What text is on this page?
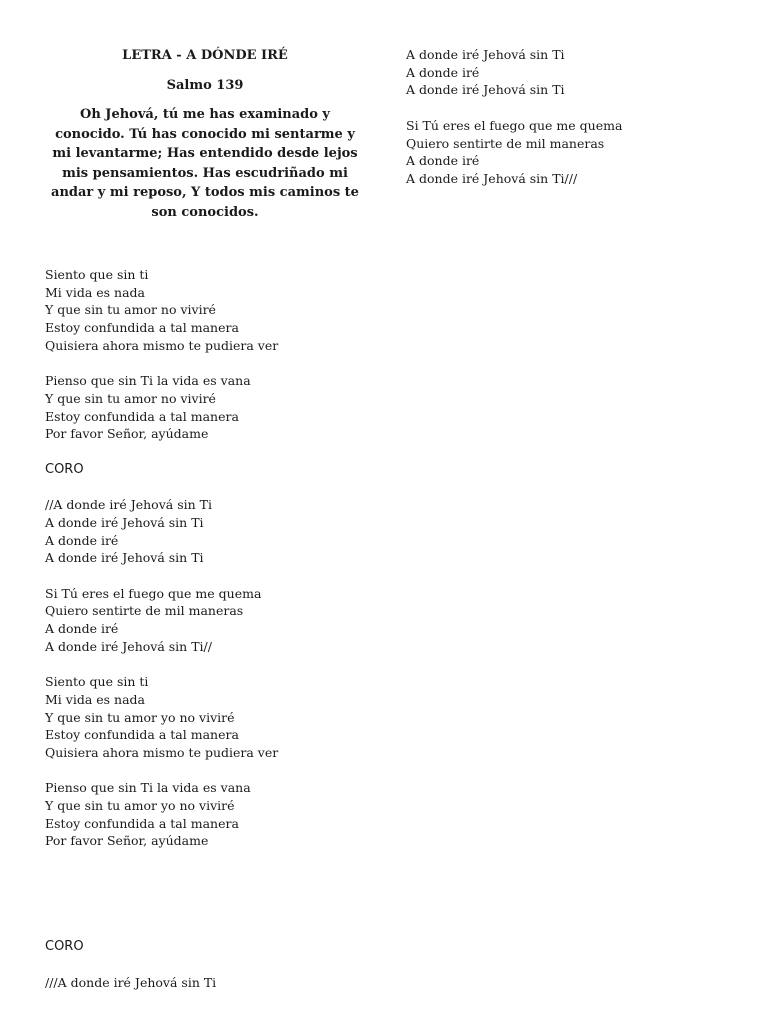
LETRA - A DÓNDE IRÉ
Salmo 139
Oh Jehová, tú me has examinado y conocido. Tú has conocido mi sentarme y mi levantarme; Has entendido desde lejos mis pensamientos. Has escudriñado mi andar y mi reposo, Y todos mis caminos te son conocidos.
Siento que sin ti
Mi vida es nada
Y que sin tu amor no viviré
Estoy confundida a tal manera
Quisiera ahora mismo te pudiera ver
Pienso que sin Ti la vida es vana
Y que sin tu amor no viviré
Estoy confundida a tal manera
Por favor Señor, ayúdame
CORO
//A donde iré Jehová sin Ti
A donde iré Jehová sin Ti
A donde iré
A donde iré Jehová sin Ti
Si Tú eres el fuego que me quema
Quiero sentirte de mil maneras
A donde iré
A donde iré Jehová sin Ti//
Siento que sin ti
Mi vida es nada
Y que sin tu amor yo no viviré
Estoy confundida a tal manera
Quisiera ahora mismo te pudiera ver
Pienso que sin Ti la vida es vana
Y que sin tu amor yo no viviré
Estoy confundida a tal manera
Por favor Señor, ayúdame
CORO
///A donde iré Jehová sin Ti
A donde iré Jehová sin Ti
A donde iré
A donde iré Jehová sin Ti
Si Tú eres el fuego que me quema
Quiero sentirte de mil maneras
A donde iré
A donde iré Jehová sin Ti///
